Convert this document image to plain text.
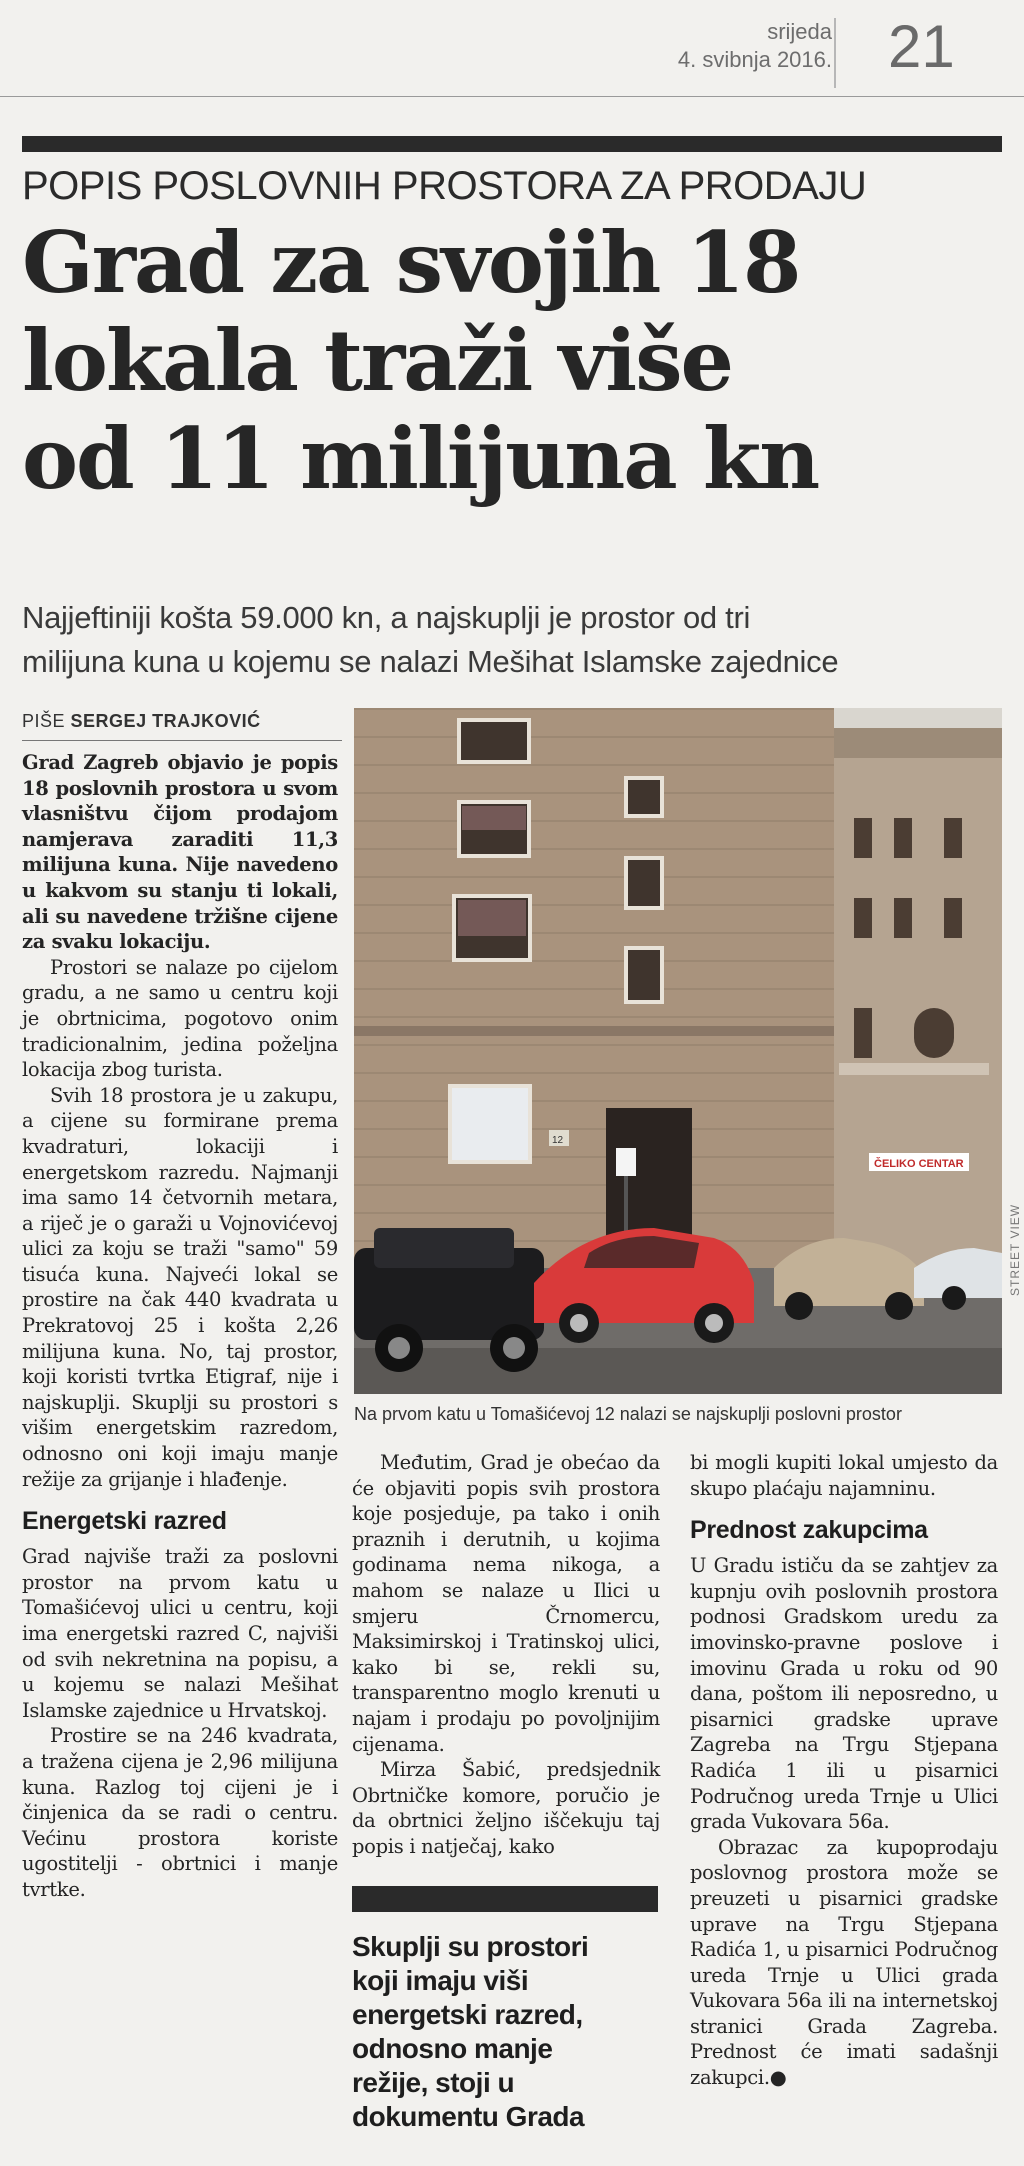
srijeda
4. svibnja 2016. 21
POPIS POSLOVNIH PROSTORA ZA PRODAJU
Grad za svojih 18
lokala traži više
od 11 milijuna kn
Najjeftiniji košta 59.000 kn, a najskuplji je prostor od tri
milijuna kuna u kojemu se nalazi Mešihat Islamske zajednice
PIŠE SERGEJ TRAJKOVIĆ

Grad Zagreb objavio je popis 18 poslovnih prostora u svom vlasništvu čijom prodajom namjerava zaraditi 11,3 milijuna kuna. Nije navedeno u kakvom su stanju ti lokali, ali su navedene tržišne cijene za svaku lokaciju.

Prostori se nalaze po cijelom gradu, a ne samo u centru koji je obrtnicima, pogotovo onim tradicionalnim, jedina poželjna lokacija zbog turista.

Svih 18 prostora je u zakupu, a cijene su formirane prema kvadraturi, lokaciji i energetskom razredu. Najmanji ima samo 14 četvornih metara, a riječ je o garaži u Vojnovićevoj ulici za koju se traži "samo" 59 tisuća kuna. Najveći lokal se prostire na čak 440 kvadrata u Prekratovoj 25 i košta 2,26 milijuna kuna. No, taj prostor, koji koristi tvrtka Etigraf, nije i najskuplji. Skuplji su prostori s višim energetskim razredom, odnosno oni koji imaju manje režije za grijanje i hlađenje.

Energetski razred

Grad najviše traži za poslovni prostor na prvom katu u Tomašićevoj ulici u centru, koji ima energetski razred C, najviši od svih nekretnina na popisu, a u kojemu se nalazi Mešihat Islamske zajednice u Hrvatskoj.

Prostire se na 246 kvadrata, a tražena cijena je 2,96 milijuna kuna. Razlog toj cijeni je i činjenica da se radi o centru. Većinu prostora koriste ugostitelji - obrtnici i manje tvrtke.

ČELIKO CENTAR
12
STREET VIEW
Na prvom katu u Tomašićevoj 12 nalazi se najskuplji poslovni prostor

Međutim, Grad je obećao da će objaviti popis svih prostora koje posjeduje, pa tako i onih praznih i derutnih, u kojima godinama nema nikoga, a mahom se nalaze u Ilici u smjeru Črnomercu, Maksimirskoj i Tratinskoj ulici, kako bi se, rekli su, transparentno moglo krenuti u najam i prodaju po povoljnijim cijenama.

Mirza Šabić, predsjednik Obrtničke komore, poručio je da obrtnici željno iščekuju taj popis i natječaj, kako

Skuplji su prostori
koji imaju viši
energetski razred,
odnosno manje
režije, stoji u
dokumentu Grada

bi mogli kupiti lokal umjesto da skupo plaćaju najamninu.

Prednost zakupcima

U Gradu ističu da se zahtjev za kupnju ovih poslovnih prostora podnosi Gradskom uredu za imovinsko-pravne poslove i imovinu Grada u roku od 90 dana, poštom ili neposredno, u pisarnici gradske uprave Zagreba na Trgu Stjepana Radića 1 ili u pisarnici Područnog ureda Trnje u Ulici grada Vukovara 56a.

Obrazac za kupoprodaju poslovnog prostora može se preuzeti u pisarnici gradske uprave na Trgu Stjepana Radića 1, u pisarnici Područnog ureda Trnje u Ulici grada Vukovara 56a ili na internetskoj stranici Grada Zagreba. Prednost će imati sadašnji zakupci.●
